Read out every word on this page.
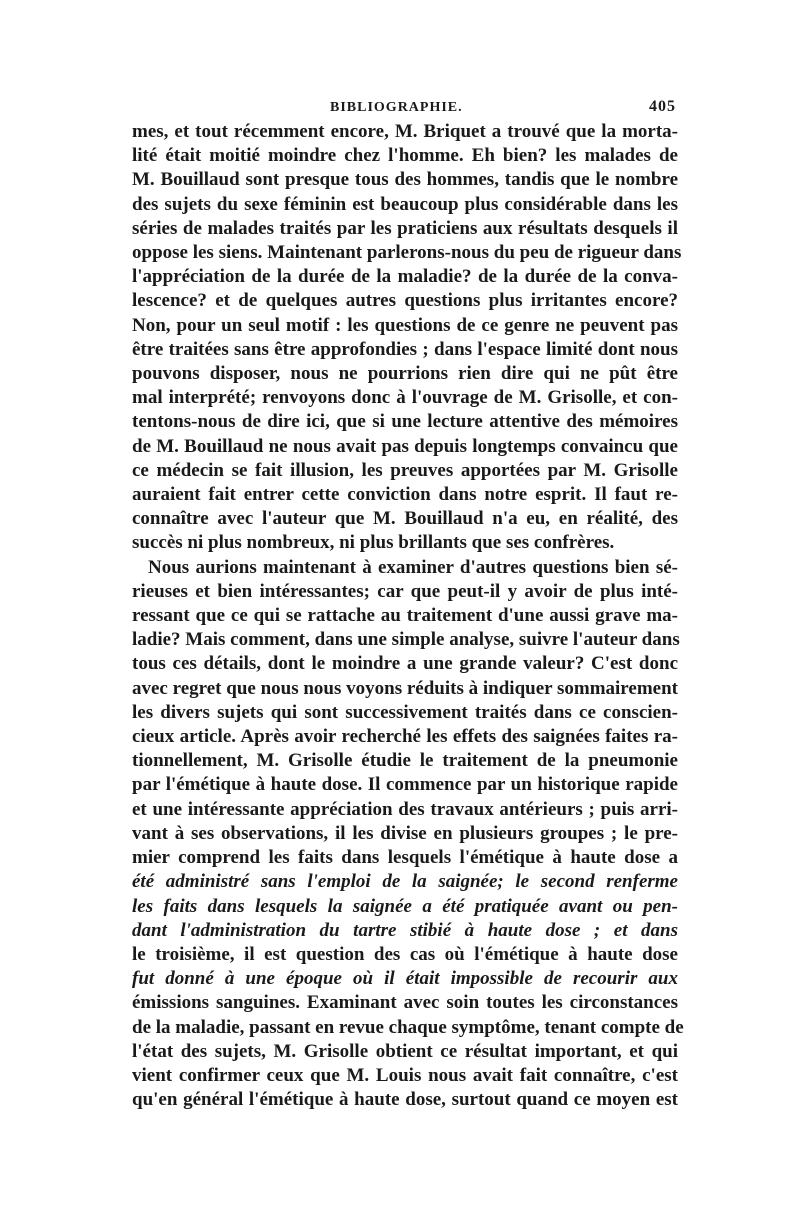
BIBLIOGRAPHIE.	405
mes, et tout récemment encore, M. Briquet a trouvé que la morta-
lité était moitié moindre chez l'homme. Eh bien? les malades de
M. Bouillaud sont presque tous des hommes, tandis que le nombre
des sujets du sexe féminin est beaucoup plus considérable dans les
séries de malades traités par les praticiens aux résultats desquels il
oppose les siens. Maintenant parlerons-nous du peu de rigueur dans
l'appréciation de la durée de la maladie? de la durée de la conva-
lescence? et de quelques autres questions plus irritantes encore?
Non, pour un seul motif : les questions de ce genre ne peuvent pas
être traitées sans être approfondies ; dans l'espace limité dont nous
pouvons disposer, nous ne pourrions rien dire qui ne pût être
mal interprété; renvoyons donc à l'ouvrage de M. Grisolle, et con-
tentons-nous de dire ici, que si une lecture attentive des mémoires
de M. Bouillaud ne nous avait pas depuis longtemps convaincu que
ce médecin se fait illusion, les preuves apportées par M. Grisolle
auraient fait entrer cette conviction dans notre esprit. Il faut re-
connaître avec l'auteur que M. Bouillaud n'a eu, en réalité, des
succès ni plus nombreux, ni plus brillants que ses confrères.
Nous aurions maintenant à examiner d'autres questions bien sé-
rieuses et bien intéressantes; car que peut-il y avoir de plus inté-
ressant que ce qui se rattache au traitement d'une aussi grave ma-
ladie? Mais comment, dans une simple analyse, suivre l'auteur dans
tous ces détails, dont le moindre a une grande valeur? C'est donc
avec regret que nous nous voyons réduits à indiquer sommairement
les divers sujets qui sont successivement traités dans ce conscien-
cieux article. Après avoir recherché les effets des saignées faites ra-
tionnellement, M. Grisolle étudie le traitement de la pneumonie
par l'émétique à haute dose. Il commence par un historique rapide
et une intéressante appréciation des travaux antérieurs ; puis arri-
vant à ses observations, il les divise en plusieurs groupes ; le pre-
mier comprend les faits dans lesquels l'émétique à haute dose a
été administré sans l'emploi de la saignée; le second renferme
les faits dans lesquels la saignée a été pratiquée avant ou pen-
dant l'administration du tartre stibié à haute dose ; et dans
le troisième, il est question des cas où l'émétique à haute dose
fut donné à une époque où il était impossible de recourir aux
émissions sanguines. Examinant avec soin toutes les circonstances
de la maladie, passant en revue chaque symptôme, tenant compte de
l'état des sujets, M. Grisolle obtient ce résultat important, et qui
vient confirmer ceux que M. Louis nous avait fait connaître, c'est
qu'en général l'émétique à haute dose, surtout quand ce moyen est
